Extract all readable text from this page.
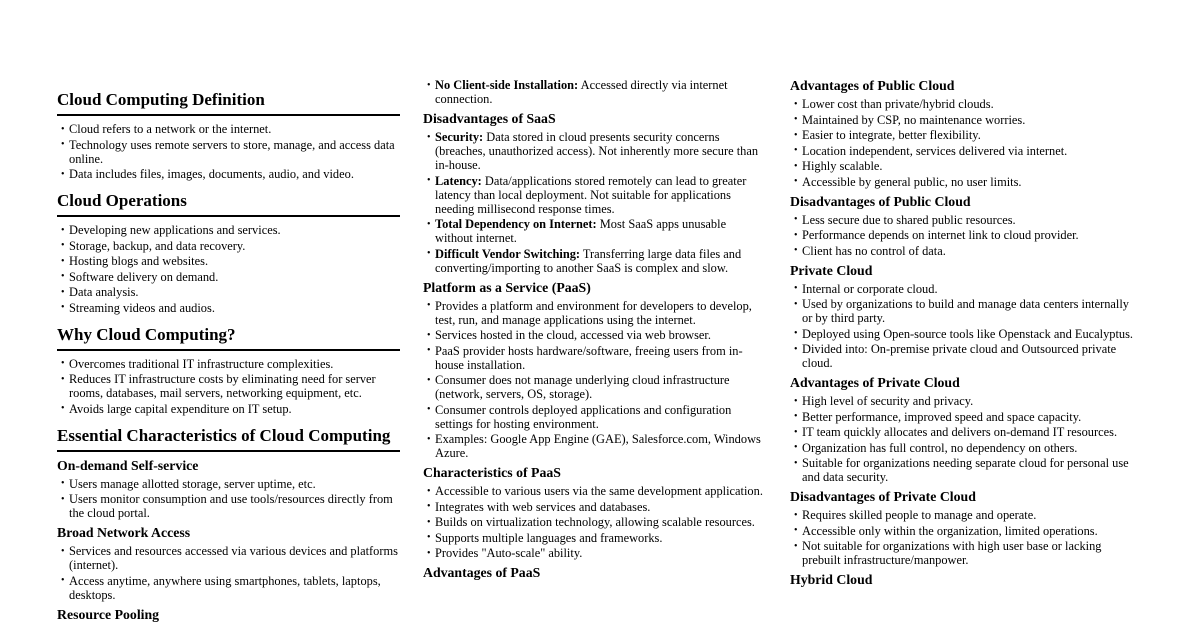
Cloud Computing Definition
• Cloud refers to a network or the internet.
• Technology uses remote servers to store, manage, and access data online.
• Data includes files, images, documents, audio, and video.
Cloud Operations
• Developing new applications and services.
• Storage, backup, and data recovery.
• Hosting blogs and websites.
• Software delivery on demand.
• Data analysis.
• Streaming videos and audios.
Why Cloud Computing?
• Overcomes traditional IT infrastructure complexities.
• Reduces IT infrastructure costs by eliminating need for server rooms, databases, mail servers, networking equipment, etc.
• Avoids large capital expenditure on IT setup.
Essential Characteristics of Cloud Computing
On-demand Self-service
• Users manage allotted storage, server uptime, etc.
• Users monitor consumption and use tools/resources directly from the cloud portal.
Broad Network Access
• Services and resources accessed via various devices and platforms (internet).
• Access anytime, anywhere using smartphones, tablets, laptops, desktops.
Resource Pooling
• No Client-side Installation: Accessed directly via internet connection.
Disadvantages of SaaS
• Security: Data stored in cloud presents security concerns (breaches, unauthorized access). Not inherently more secure than in-house.
• Latency: Data/applications stored remotely can lead to greater latency than local deployment. Not suitable for applications needing millisecond response times.
• Total Dependency on Internet: Most SaaS apps unusable without internet.
• Difficult Vendor Switching: Transferring large data files and converting/importing to another SaaS is complex and slow.
Platform as a Service (PaaS)
• Provides a platform and environment for developers to develop, test, run, and manage applications using the internet.
• Services hosted in the cloud, accessed via web browser.
• PaaS provider hosts hardware/software, freeing users from in-house installation.
• Consumer does not manage underlying cloud infrastructure (network, servers, OS, storage).
• Consumer controls deployed applications and configuration settings for hosting environment.
• Examples: Google App Engine (GAE), Salesforce.com, Windows Azure.
Characteristics of PaaS
• Accessible to various users via the same development application.
• Integrates with web services and databases.
• Builds on virtualization technology, allowing scalable resources.
• Supports multiple languages and frameworks.
• Provides "Auto-scale" ability.
Advantages of PaaS
Advantages of Public Cloud
• Lower cost than private/hybrid clouds.
• Maintained by CSP, no maintenance worries.
• Easier to integrate, better flexibility.
• Location independent, services delivered via internet.
• Highly scalable.
• Accessible by general public, no user limits.
Disadvantages of Public Cloud
• Less secure due to shared public resources.
• Performance depends on internet link to cloud provider.
• Client has no control of data.
Private Cloud
• Internal or corporate cloud.
• Used by organizations to build and manage data centers internally or by third party.
• Deployed using Open-source tools like Openstack and Eucalyptus.
• Divided into: On-premise private cloud and Outsourced private cloud.
Advantages of Private Cloud
• High level of security and privacy.
• Better performance, improved speed and space capacity.
• IT team quickly allocates and delivers on-demand IT resources.
• Organization has full control, no dependency on others.
• Suitable for organizations needing separate cloud for personal use and data security.
Disadvantages of Private Cloud
• Requires skilled people to manage and operate.
• Accessible only within the organization, limited operations.
• Not suitable for organizations with high user base or lacking prebuilt infrastructure/manpower.
Hybrid Cloud
